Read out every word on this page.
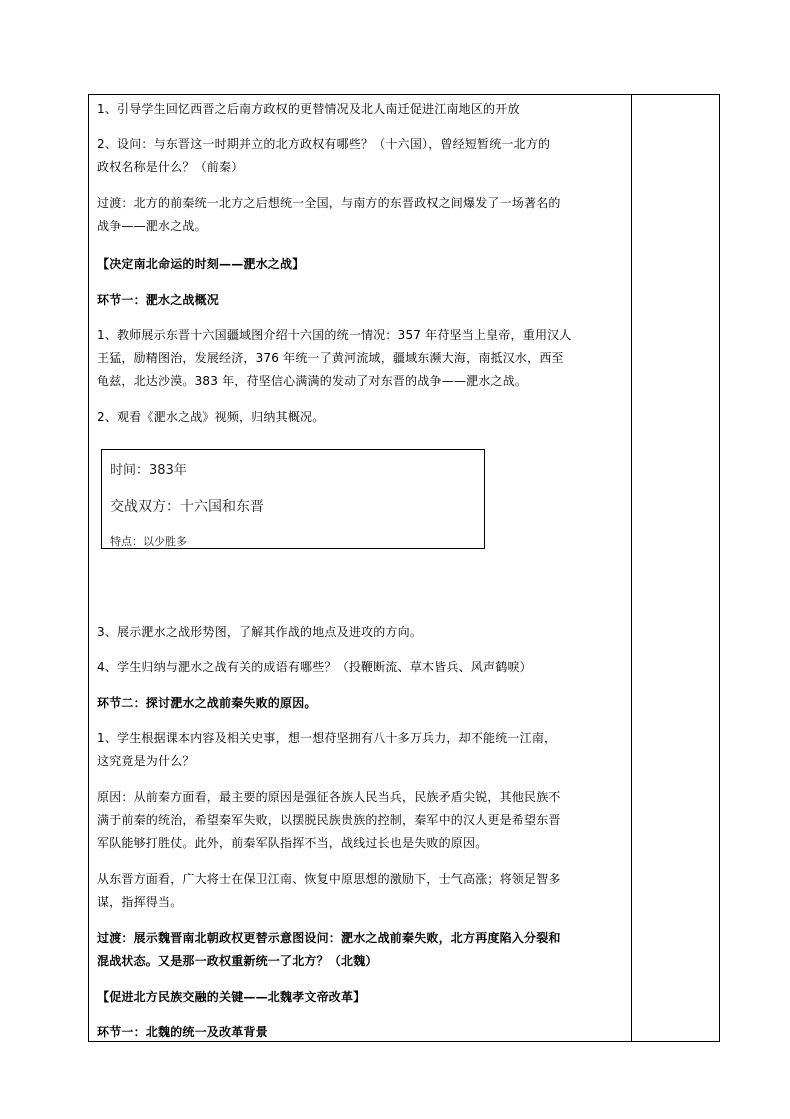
1、引导学生回忆西晋之后南方政权的更替情况及北人南迁促进江南地区的开放
2、设问：与东晋这一时期并立的北方政权有哪些？（十六国），曾经短暂统一北方的
政权名称是什么？（前秦）
过渡：北方的前秦统一北方之后想统一全国，与南方的东晋政权之间爆发了一场著名的
战争——淝水之战。
【决定南北命运的时刻——淝水之战】
环节一：淝水之战概况
1、教师展示东晋十六国疆域图介绍十六国的统一情况：357 年苻坚当上皇帝，重用汉人
王猛，励精图治，发展经济，376 年统一了黄河流域，疆域东濒大海，南抵汉水，西至
龟兹，北达沙漠。383 年，苻坚信心满满的发动了对东晋的战争——淝水之战。
2、观看《淝水之战》视频，归纳其概况。
时间：383年
交战双方：十六国和东晋
特点：以少胜多
3、展示淝水之战形势图，了解其作战的地点及进攻的方向。
4、学生归纳与淝水之战有关的成语有哪些？（投鞭断流、草木皆兵、风声鹤唳）
环节二：探讨淝水之战前秦失败的原因。
1、学生根据课本内容及相关史事，想一想苻坚拥有八十多万兵力，却不能统一江南，
这究竟是为什么？
原因：从前秦方面看，最主要的原因是强征各族人民当兵，民族矛盾尖锐，其他民族不
满于前秦的统治，希望秦军失败，以摆脱民族贵族的控制，秦军中的汉人更是希望东晋
军队能够打胜仗。此外，前秦军队指挥不当，战线过长也是失败的原因。
从东晋方面看，广大将士在保卫江南、恢复中原思想的激励下，士气高涨；将领足智多
谋，指挥得当。
过渡：展示魏晋南北朝政权更替示意图设问：淝水之战前秦失败，北方再度陷入分裂和
混战状态。又是那一政权重新统一了北方？（北魏）
【促进北方民族交融的关键——北魏孝文帝改革】
环节一：北魏的统一及改革背景
